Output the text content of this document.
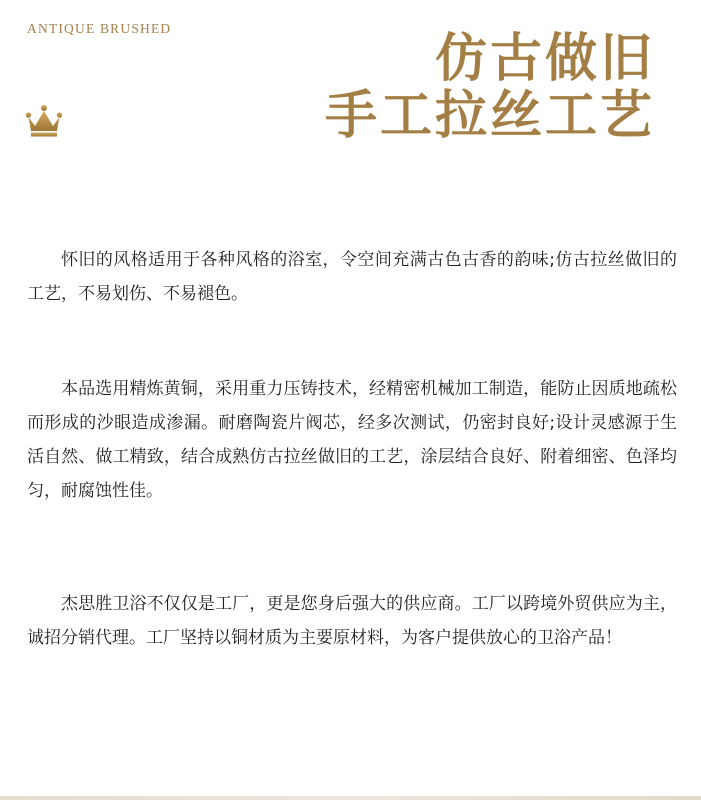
ANTIQUE BRUSHED	仿古做旧
手工拉丝工艺

怀旧的风格适用于各种风格的浴室，令空间充满古色古香的韵味;仿古拉丝做旧的工艺，不易划伤、不易褪色。

本品选用精炼黄铜，采用重力压铸技术，经精密机械加工制造，能防止因质地疏松而形成的沙眼造成渗漏。耐磨陶瓷片阀芯，经多次测试，仍密封良好;设计灵感源于生活自然、做工精致，结合成熟仿古拉丝做旧的工艺，涂层结合良好、附着细密、色泽均匀，耐腐蚀性佳。

杰思胜卫浴不仅仅是工厂，更是您身后强大的供应商。工厂以跨境外贸供应为主，诚招分销代理。工厂坚持以铜材质为主要原材料，为客户提供放心的卫浴产品！
